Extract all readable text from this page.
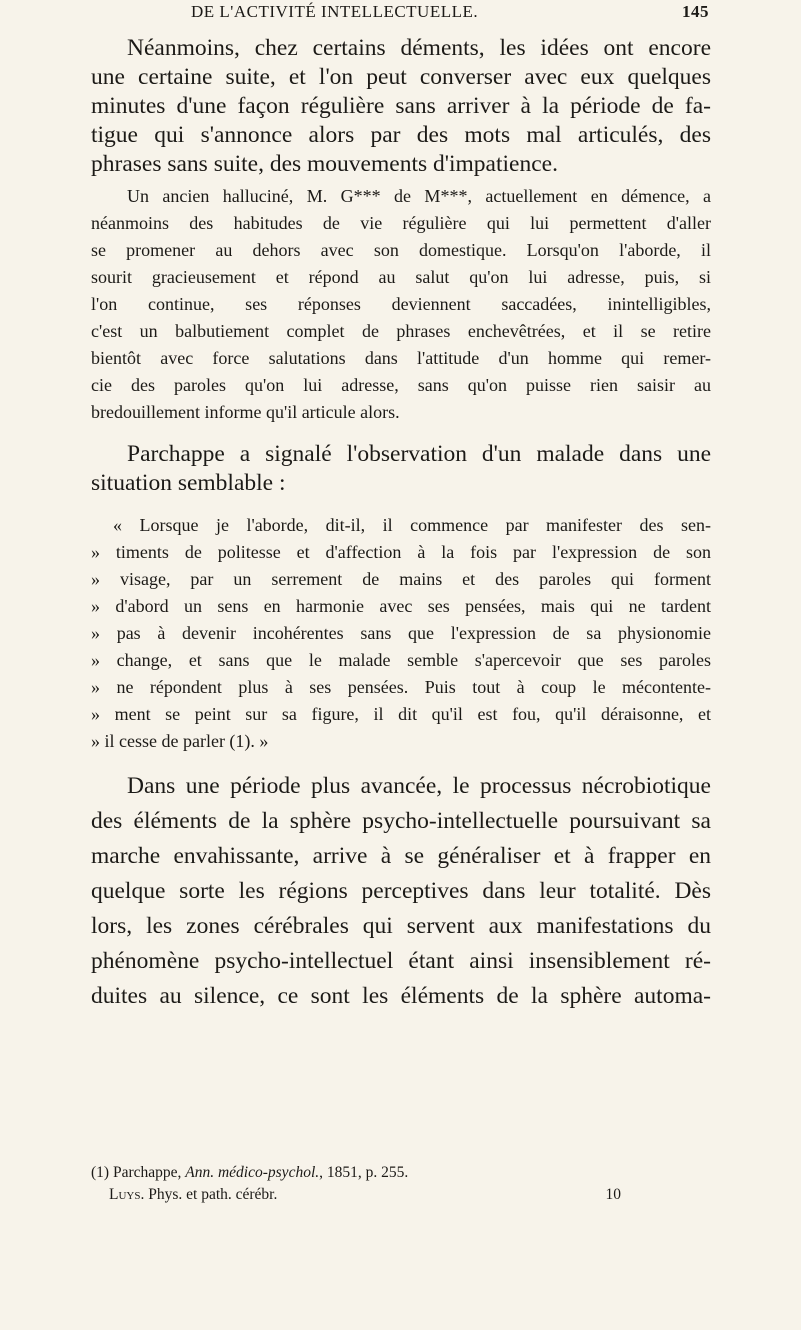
DE L'ACTIVITÉ INTELLECTUELLE.	145
Néanmoins, chez certains déments, les idées ont encore
une certaine suite, et l'on peut converser avec eux quelques
minutes d'une façon régulière sans arriver à la période de fa-
tigue qui s'annonce alors par des mots mal articulés, des
phrases sans suite, des mouvements d'impatience.
Un ancien halluciné, M. G*** de M***, actuellement en démence, a
néanmoins des habitudes de vie régulière qui lui permettent d'aller
se promener au dehors avec son domestique. Lorsqu'on l'aborde, il
sourit gracieusement et répond au salut qu'on lui adresse, puis, si
l'on continue, ses réponses deviennent saccadées, inintelligibles,
c'est un balbutiement complet de phrases enchevêtrées, et il se retire
bientôt avec force salutations dans l'attitude d'un homme qui remer-
cie des paroles qu'on lui adresse, sans qu'on puisse rien saisir au
bredouillement informe qu'il articule alors.
Parchappe a signalé l'observation d'un malade dans une
situation semblable :
« Lorsque je l'aborde, dit-il, il commence par manifester des sen-
» timents de politesse et d'affection à la fois par l'expression de son
» visage, par un serrement de mains et des paroles qui forment
» d'abord un sens en harmonie avec ses pensées, mais qui ne tardent
» pas à devenir incohérentes sans que l'expression de sa physionomie
» change, et sans que le malade semble s'apercevoir que ses paroles
» ne répondent plus à ses pensées. Puis tout à coup le mécontente-
» ment se peint sur sa figure, il dit qu'il est fou, qu'il déraisonne, et
» il cesse de parler (1). »
Dans une période plus avancée, le processus nécrobiotique
des éléments de la sphère psycho-intellectuelle poursuivant sa
marche envahissante, arrive à se généraliser et à frapper en
quelque sorte les régions perceptives dans leur totalité. Dès
lors, les zones cérébrales qui servent aux manifestations du
phénomène psycho-intellectuel étant ainsi insensiblement ré-
duites au silence, ce sont les éléments de la sphère automa-
(1) Parchappe, Ann. médico-psychol., 1851, p. 255.
Luys. Phys. et path. cérébr.	10
